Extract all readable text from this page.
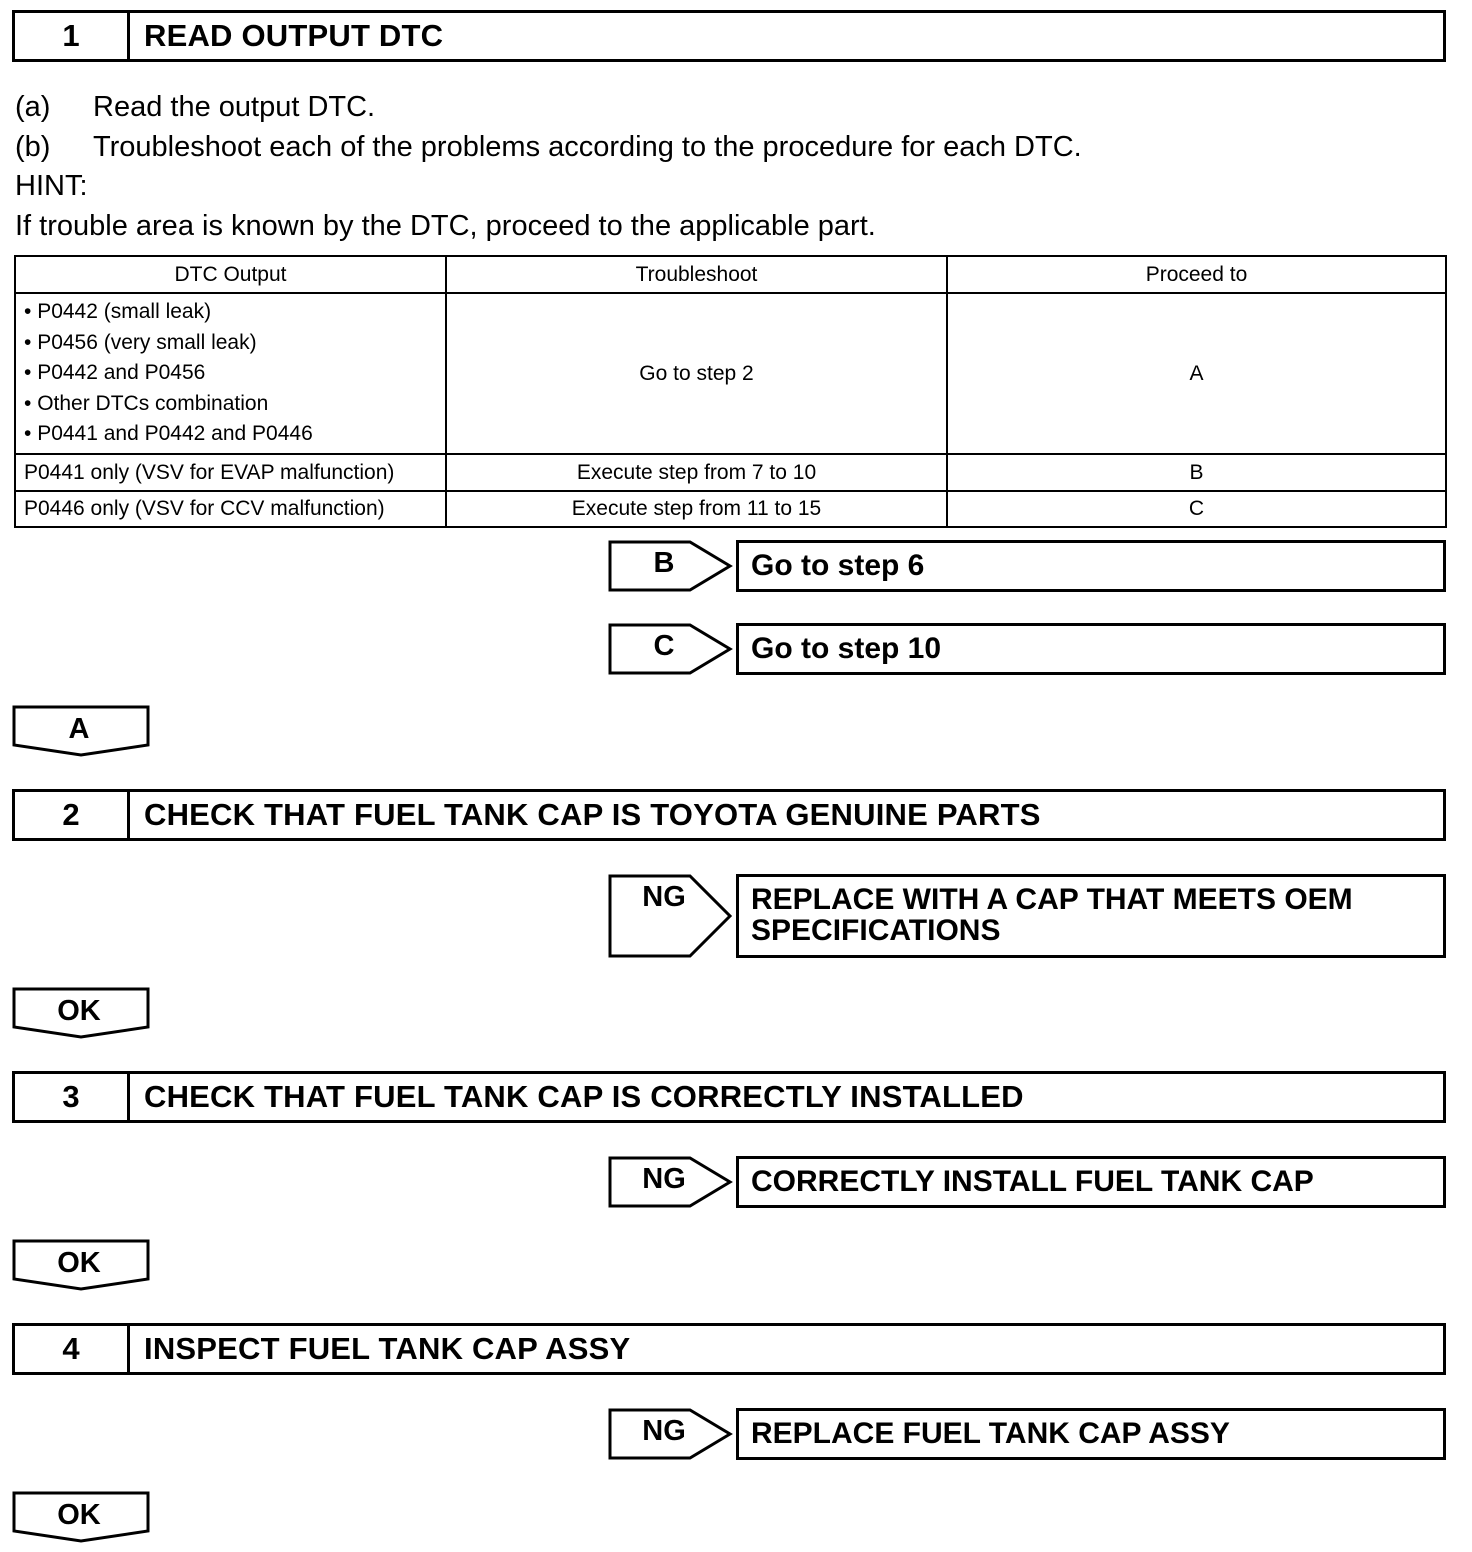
1	READ OUTPUT DTC
(a) Read the output DTC.
(b) Troubleshoot each of the problems according to the procedure for each DTC.
HINT:
If trouble area is known by the DTC, proceed to the applicable part.
DTC Output	Troubleshoot	Proceed to

• P0442 (small leak)
• P0456 (very small leak)
• P0442 and P0456
• Other DTCs combination
• P0441 and P0442 and P0446	Go to step 2	A
P0441 only (VSV for EVAP malfunction)	Execute step from 7 to 10	B
P0446 only (VSV for CCV malfunction)	Execute step from 11 to 15	C
B	Go to step 6
C	Go to step 10
A
2	CHECK THAT FUEL TANK CAP IS TOYOTA GENUINE PARTS
NG	REPLACE WITH A CAP THAT MEETS OEM
SPECIFICATIONS
OK
3	CHECK THAT FUEL TANK CAP IS CORRECTLY INSTALLED
NG	CORRECTLY INSTALL FUEL TANK CAP
OK
4	INSPECT FUEL TANK CAP ASSY
NG	REPLACE FUEL TANK CAP ASSY
OK
